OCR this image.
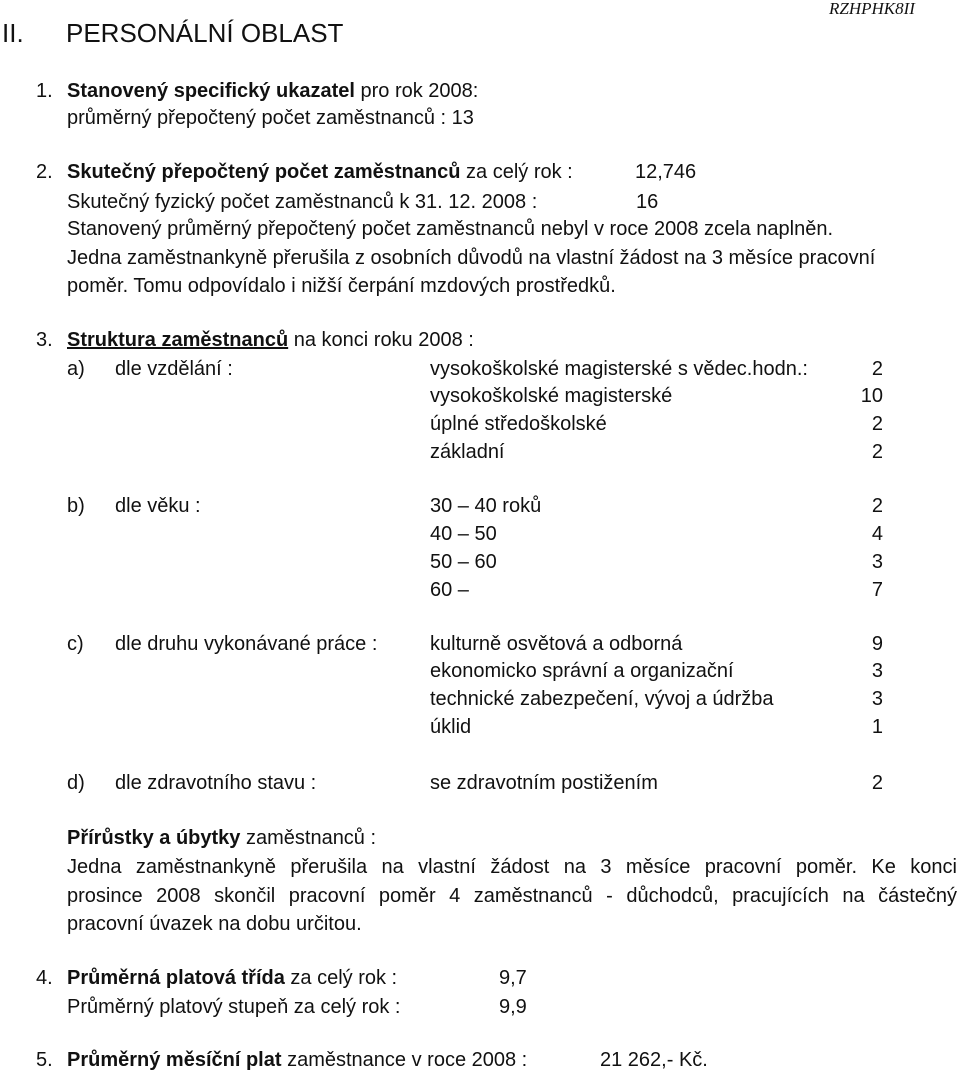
II. PERSONÁLNÍ OBLAST
RZHPHK8II
1. Stanovený specifický ukazatel pro rok 2008:
průměrný přepočtený počet zaměstnanců : 13
2. Skutečný přepočtený počet zaměstnanců za celý rok :	12,746
Skutečný fyzický počet zaměstnanců k 31. 12. 2008 :	16
Stanovený průměrný přepočtený počet zaměstnanců nebyl v roce 2008 zcela naplněn.
Jedna zaměstnankyně přerušila z osobních důvodů na vlastní žádost na 3 měsíce pracovní
poměr. Tomu odpovídalo i nižší čerpání mzdových prostředků.
3. Struktura zaměstnanců na konci roku 2008 :
a) dle vzdělání :	vysokoškolské magisterské s vědec.hodn.:	2
vysokoškolské magisterské	10
úplné středoškolské	2
základní	2
b) dle věku :	30 – 40 roků	2
40 – 50	4
50 – 60	3
60 –	7
c) dle druhu vykonávané práce :	kulturně osvětová a odborná	9
ekonomicko správní a organizační	3
technické zabezpečení, vývoj a údržba	3
úklid	1
d) dle zdravotního stavu :	se zdravotním postižením	2
Přírůstky a úbytky zaměstnanců :
Jedna zaměstnankyně přerušila na vlastní žádost na 3 měsíce pracovní poměr. Ke konci
prosince 2008 skončil pracovní poměr 4 zaměstnanců - důchodců, pracujících na částečný
pracovní úvazek na dobu určitou.
4. Průměrná platová třída za celý rok :	9,7
Průměrný platový stupeň za celý rok :	9,9
5. Průměrný měsíční plat zaměstnance v roce 2008 :	21 262,- Kč.
